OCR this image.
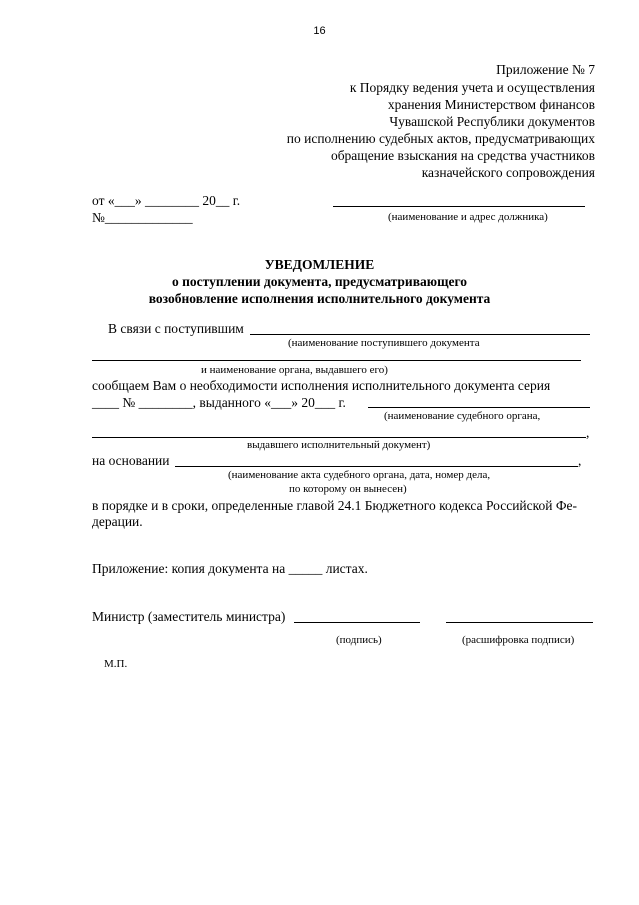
16
Приложение № 7
к Порядку ведения учета и осуществления
хранения Министерством финансов
Чувашской Республики документов
по исполнению судебных актов, предусматривающих
обращение взыскания на средства участников
казначейского сопровождения
от «___» ________ 20__ г.
№_____________	(наименование и адрес должника)
УВЕДОМЛЕНИЕ
о поступлении документа, предусматривающего
возобновление исполнения исполнительного документа
В связи с поступившим
(наименование поступившего документа
и наименование органа, выдавшего его)
сообщаем Вам о необходимости исполнения исполнительного документа серия
____ № ________, выданного «___» 20___ г.
(наименование судебного органа,
,
выдавшего исполнительный документ)
на основании	,
(наименование акта судебного органа, дата, номер дела,
по которому он вынесен)
в порядке и в сроки, определенные главой 24.1 Бюджетного кодекса Российской Фе-
дерации.
Приложение: копия документа на _____ листах.
Министр (заместитель министра)
(подпись)	(расшифровка подписи)
М.П.
